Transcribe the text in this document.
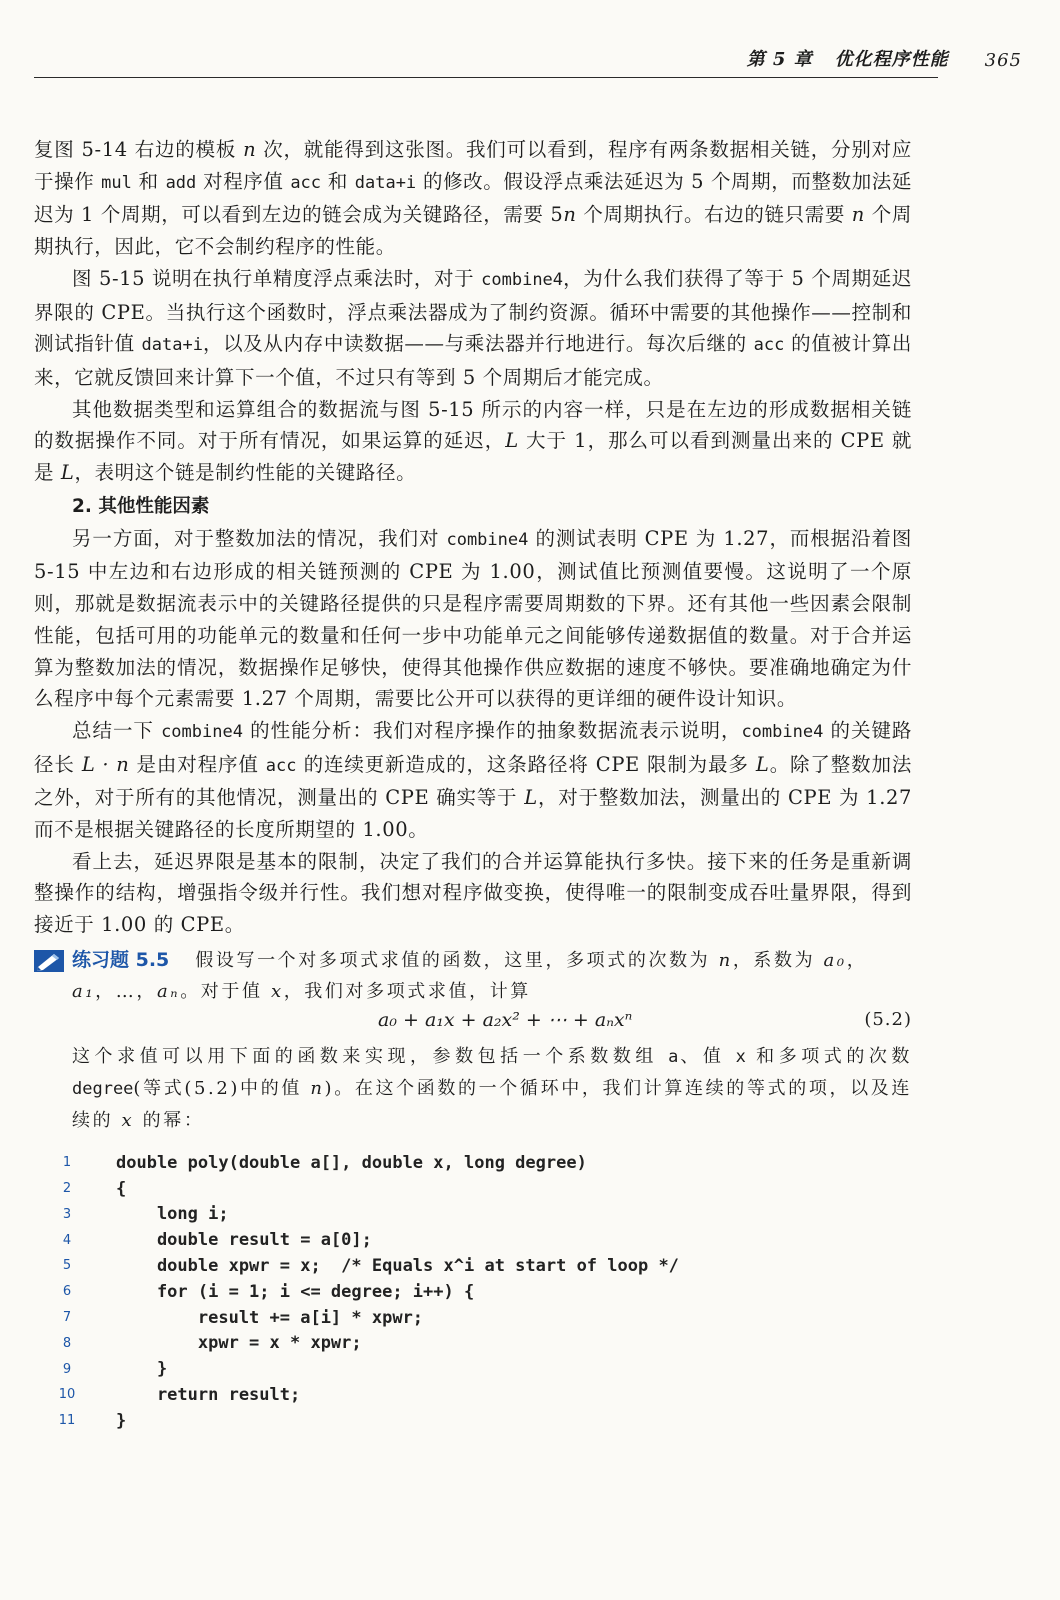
第 5 章 优化程序性能 365

复图 5-14 右边的模板 n 次，就能得到这张图。我们可以看到，程序有两条数据相关链，分别对应于操作 mul 和 add 对程序值 acc 和 data+i 的修改。假设浮点乘法延迟为 5 个周期，而整数加法延迟为 1 个周期，可以看到左边的链会成为关键路径，需要 5n 个周期执行。右边的链只需要 n 个周期执行，因此，它不会制约程序的性能。

图 5-15 说明在执行单精度浮点乘法时，对于 combine4，为什么我们获得了等于 5 个周期延迟界限的 CPE。当执行这个函数时，浮点乘法器成为了制约资源。循环中需要的其他操作——控制和测试指针值 data+i，以及从内存中读数据——与乘法器并行地进行。每次后继的 acc 的值被计算出来，它就反馈回来计算下一个值，不过只有等到 5 个周期后才能完成。

其他数据类型和运算组合的数据流与图 5-15 所示的内容一样，只是在左边的形成数据相关链的数据操作不同。对于所有情况，如果运算的延迟，L 大于 1，那么可以看到测量出来的 CPE 就是 L，表明这个链是制约性能的关键路径。

2. 其他性能因素

另一方面，对于整数加法的情况，我们对 combine4 的测试表明 CPE 为 1.27，而根据沿着图 5-15 中左边和右边形成的相关链预测的 CPE 为 1.00，测试值比预测值要慢。这说明了一个原则，那就是数据流表示中的关键路径提供的只是程序需要周期数的下界。还有其他一些因素会限制性能，包括可用的功能单元的数量和任何一步中功能单元之间能够传递数据值的数量。对于合并运算为整数加法的情况，数据操作足够快，使得其他操作供应数据的速度不够快。要准确地确定为什么程序中每个元素需要 1.27 个周期，需要比公开可以获得的更详细的硬件设计知识。

总结一下 combine4 的性能分析：我们对程序操作的抽象数据流表示说明，combine4 的关键路径长 L · n 是由对程序值 acc 的连续更新造成的，这条路径将 CPE 限制为最多 L。除了整数加法之外，对于所有的其他情况，测量出的 CPE 确实等于 L，对于整数加法，测量出的 CPE 为 1.27 而不是根据关键路径的长度所期望的 1.00。

看上去，延迟界限是基本的限制，决定了我们的合并运算能执行多快。接下来的任务是重新调整操作的结构，增强指令级并行性。我们想对程序做变换，使得唯一的限制变成吞吐量界限，得到接近于 1.00 的 CPE。

练习题 5.5 假设写一个对多项式求值的函数，这里，多项式的次数为 n，系数为 a₀，
a₁，…，aₙ。对于值 x，我们对多项式求值，计算
a₀ + a₁x + a₂x² + ⋯ + aₙxⁿ	(5.2)
这个求值可以用下面的函数来实现，参数包括一个系数数组 a、值 x 和多项式的次数 degree(等式(5.2)中的值 n)。在这个函数的一个循环中，我们计算连续的等式的项，以及连续的 x 的幂：
1	double poly(double a[], double x, long degree)
2	{
3	long i;
4	double result = a[0];
5	double xpwr = x;  /* Equals x^i at start of loop */
6	for (i = 1; i <= degree; i++) {
7	result += a[i] * xpwr;
8	xpwr = x * xpwr;
9	}
10	return result;
11	}
